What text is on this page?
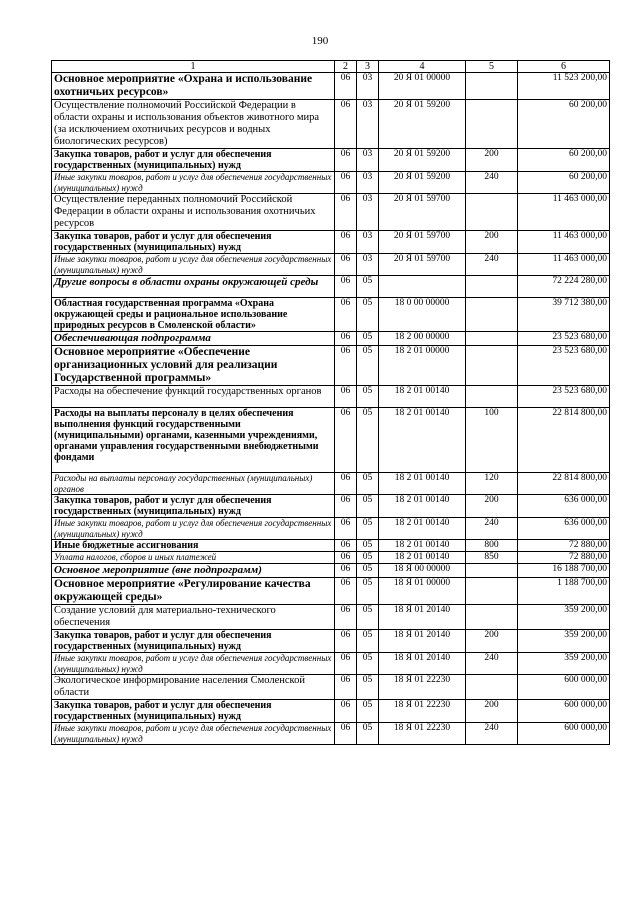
190
1	2	3	4	5	6
Основное мероприятие «Охрана и использование охотничьих ресурсов»	06	03	20 Я 01 00000		11 523 200,00
Осуществление полномочий Российской Федерации в области охраны и использования объектов животного мира (за исключением охотничьих ресурсов и водных биологических ресурсов)	06	03	20 Я 01 59200		60 200,00
Закупка товаров, работ и услуг для обеспечения государственных (муниципальных) нужд	06	03	20 Я 01 59200	200	60 200,00
Иные закупки товаров, работ и услуг для обеспечения государственных (муниципальных) нужд	06	03	20 Я 01 59200	240	60 200,00
Осуществление переданных полномочий Российской Федерации в области охраны и использования охотничьих ресурсов	06	03	20 Я 01 59700		11 463 000,00
Закупка товаров, работ и услуг для обеспечения государственных (муниципальных) нужд	06	03	20 Я 01 59700	200	11 463 000,00
Иные закупки товаров, работ и услуг для обеспечения государственных (муниципальных) нужд	06	03	20 Я 01 59700	240	11 463 000,00
Другие вопросы в области охраны окружающей среды	06	05			72 224 280,00
Областная государственная программа «Охрана окружающей среды и рациональное использование природных ресурсов в Смоленской области»	06	05	18 0 00 00000		39 712 380,00
Обеспечивающая подпрограмма	06	05	18 2 00 00000		23 523 680,00
Основное мероприятие «Обеспечение организационных условий для реализации Государственной программы»	06	05	18 2 01 00000		23 523 680,00
Расходы на обеспечение функций государственных органов	06	05	18 2 01 00140		23 523 680,00
Расходы на выплаты персоналу в целях обеспечения выполнения функций государственными (муниципальными) органами, казенными учреждениями, органами управления государственными внебюджетными фондами	06	05	18 2 01 00140	100	22 814 800,00
Расходы на выплаты персоналу государственных (муниципальных) органов	06	05	18 2 01 00140	120	22 814 800,00
Закупка товаров, работ и услуг для обеспечения государственных (муниципальных) нужд	06	05	18 2 01 00140	200	636 000,00
Иные закупки товаров, работ и услуг для обеспечения государственных (муниципальных) нужд	06	05	18 2 01 00140	240	636 000,00
Иные бюджетные ассигнования	06	05	18 2 01 00140	800	72 880,00
Уплата налогов, сборов и иных платежей	06	05	18 2 01 00140	850	72 880,00
Основное мероприятие (вне подпрограмм)	06	05	18 Я 00 00000		16 188 700,00
Основное мероприятие «Регулирование качества окружающей среды»	06	05	18 Я 01 00000		1 188 700,00
Создание условий для материально-технического обеспечения	06	05	18 Я 01 20140		359 200,00
Закупка товаров, работ и услуг для обеспечения государственных (муниципальных) нужд	06	05	18 Я 01 20140	200	359 200,00
Иные закупки товаров, работ и услуг для обеспечения государственных (муниципальных) нужд	06	05	18 Я 01 20140	240	359 200,00
Экологическое информирование населения Смоленской области	06	05	18 Я 01 22230		600 000,00
Закупка товаров, работ и услуг для обеспечения государственных (муниципальных) нужд	06	05	18 Я 01 22230	200	600 000,00
Иные закупки товаров, работ и услуг для обеспечения государственных (муниципальных) нужд	06	05	18 Я 01 22230	240	600 000,00
